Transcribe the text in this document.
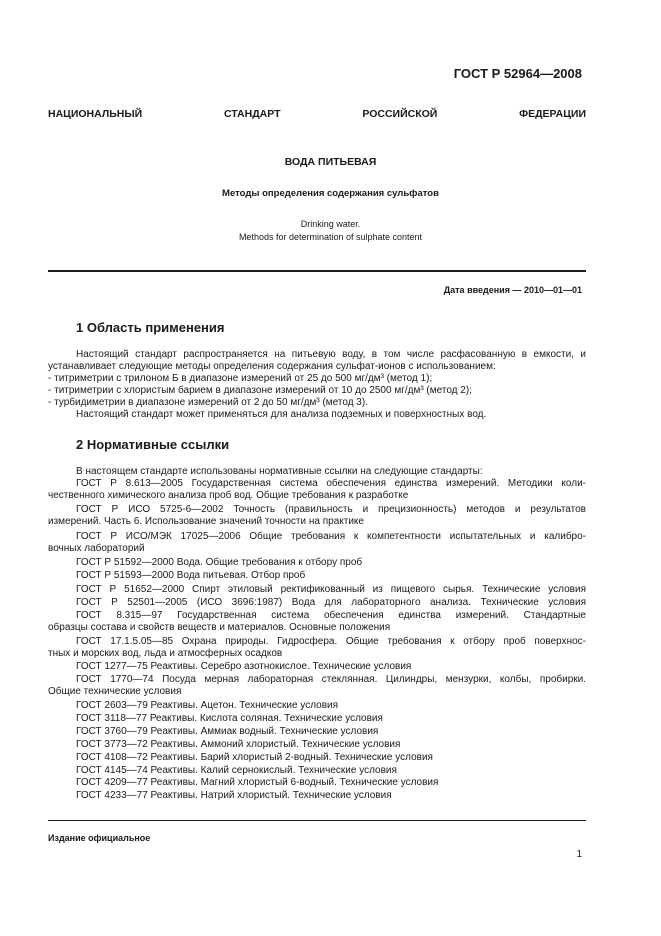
ГОСТ Р 52964—2008
НАЦИОНАЛЬНЫЙ	СТАНДАРТ	РОССИЙСКОЙ	ФЕДЕРАЦИИ
ВОДА ПИТЬЕВАЯ
Методы определения содержания сульфатов
Drinking water.
Methods for determination of sulphate content
Дата введения — 2010—01—01
1 Область применения
Настоящий стандарт распространяется на питьевую воду, в том числе расфасованную в емкости, и
устанавливает следующие методы определения содержания сульфат-ионов с использованием:
- титриметрии с трилоном Б в диапазоне измерений от 25 до 500 мг/дм³ (метод 1);
- титриметрии с хлористым барием в диапазоне измерений от 10 до 2500 мг/дм³ (метод 2);
- турбидиметрии в диапазоне измерений от 2 до 50 мг/дм³ (метод 3).
Настоящий стандарт может применяться для анализа подземных и поверхностных вод.
2 Нормативные ссылки
В настоящем стандарте использованы нормативные ссылки на следующие стандарты:
ГОСТ Р 8.613—2005 Государственная система обеспечения единства измерений. Методики коли-
чественного химического анализа проб вод. Общие требования к разработке
ГОСТ Р ИСО 5725-6—2002 Точность (правильность и прецизионность) методов и результатов
измерений. Часть 6. Использование значений точности на практике
ГОСТ Р ИСО/МЭК 17025—2006 Общие требования к компетентности испытательных и калибро-
вочных лабораторий
ГОСТ Р 51592—2000 Вода. Общие требования к отбору проб
ГОСТ Р 51593—2000 Вода питьевая. Отбор проб
ГОСТ Р 51652—2000 Спирт этиловый ректификованный из пищевого сырья. Технические условия
ГОСТ Р 52501—2005 (ИСО 3696:1987) Вода для лабораторного анализа. Технические условия
ГОСТ 8.315—97 Государственная система обеспечения единства измерений. Стандартные
образцы состава и свойств веществ и материалов. Основные положения
ГОСТ 17.1.5.05—85 Охрана природы. Гидросфера. Общие требования к отбору проб поверхнос-
тных и морских вод, льда и атмосферных осадков
ГОСТ 1277—75 Реактивы. Серебро азотнокислое. Технические условия
ГОСТ 1770—74 Посуда мерная лабораторная стеклянная. Цилиндры, мензурки, колбы, пробирки.
Общие технические условия
ГОСТ 2603—79 Реактивы. Ацетон. Технические условия
ГОСТ 3118—77 Реактивы. Кислота соляная. Технические условия
ГОСТ 3760—79 Реактивы. Аммиак водный. Технические условия
ГОСТ 3773—72 Реактивы. Аммоний хлористый. Технические условия
ГОСТ 4108—72 Реактивы. Барий хлористый 2-водный. Технические условия
ГОСТ 4145—74 Реактивы. Калий сернокислый. Технические условия
ГОСТ 4209—77 Реактивы. Магний хлористый 6-водный. Технические условия
ГОСТ 4233—77 Реактивы. Натрий хлористый. Технические условия
Издание официальное
1
